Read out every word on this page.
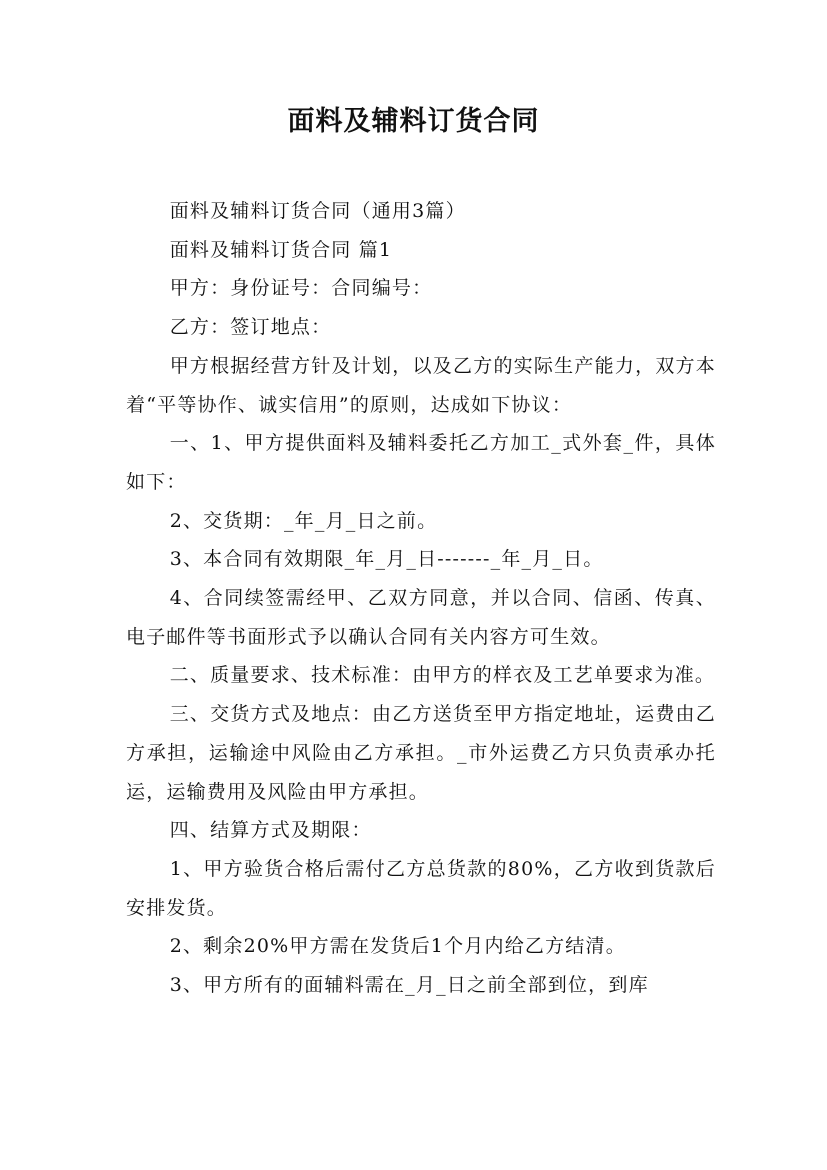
面料及辅料订货合同

面料及辅料订货合同（通用3篇）

面料及辅料订货合同 篇1

甲方：身份证号：合同编号：

乙方：签订地点：

甲方根据经营方针及计划，以及乙方的实际生产能力，双方本着“平等协作、诚实信用”的原则，达成如下协议：

一、1、甲方提供面料及辅料委托乙方加工_式外套_件，具体如下：

2、交货期：_年_月_日之前。

3、本合同有效期限_年_月_日-------_年_月_日。

4、合同续签需经甲、乙双方同意，并以合同、信函、传真、电子邮件等书面形式予以确认合同有关内容方可生效。

二、质量要求、技术标准：由甲方的样衣及工艺单要求为准。

三、交货方式及地点：由乙方送货至甲方指定地址，运费由乙方承担，运输途中风险由乙方承担。_市外运费乙方只负责承办托运，运输费用及风险由甲方承担。

四、结算方式及期限：

1、甲方验货合格后需付乙方总货款的80%，乙方收到货款后安排发货。

2、剩余20%甲方需在发货后1个月内给乙方结清。

3、甲方所有的面辅料需在_月_日之前全部到位，到库
